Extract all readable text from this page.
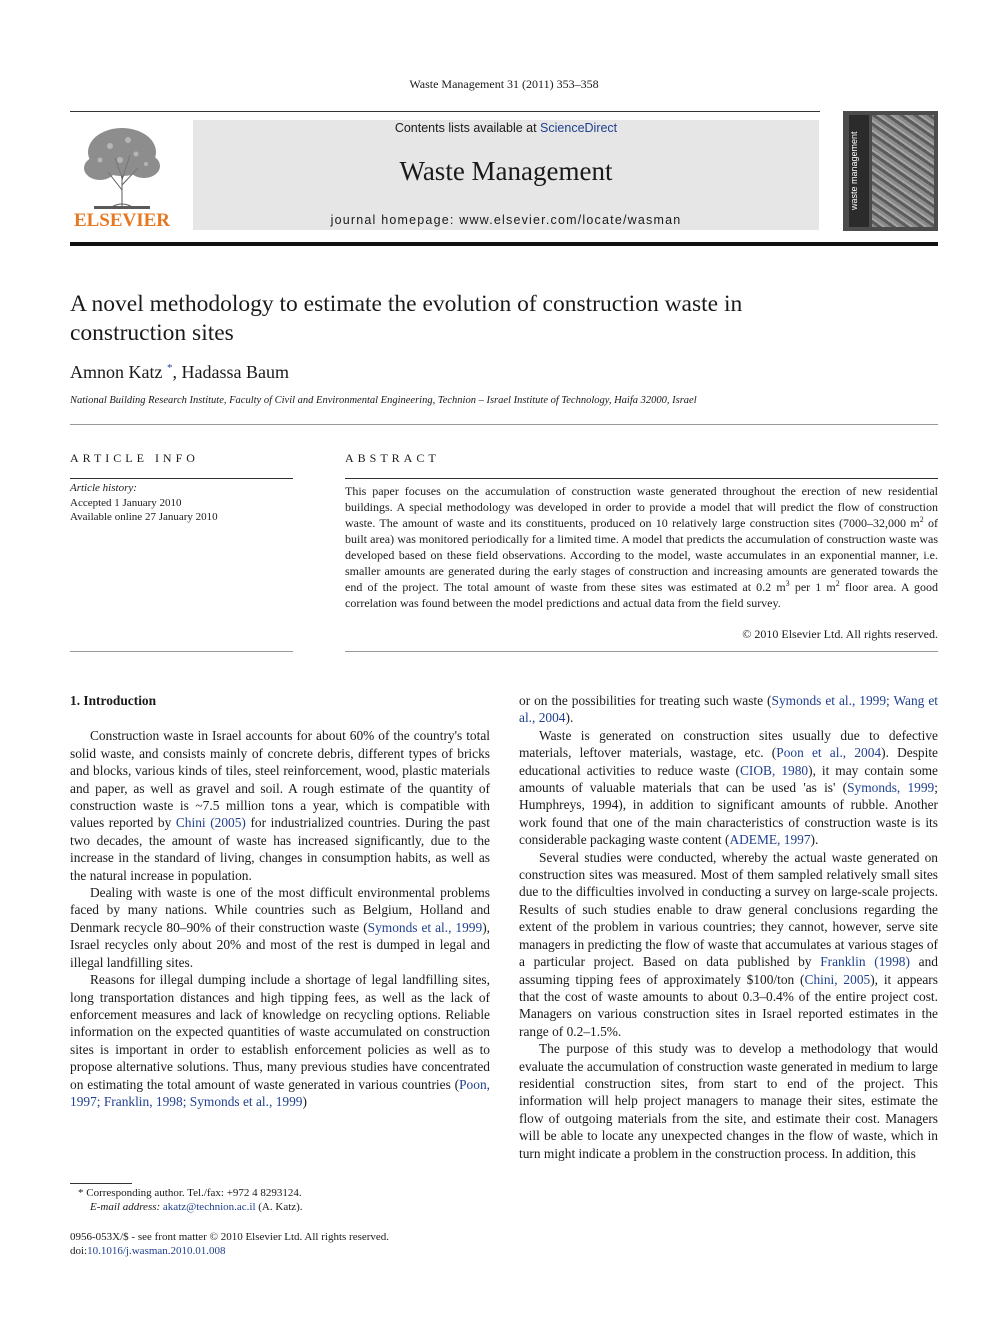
Waste Management 31 (2011) 353–358
ELSEVIER
Contents lists available at ScienceDirect
Waste Management
journal homepage: www.elsevier.com/locate/wasman
waste management
A novel methodology to estimate the evolution of construction waste in construction sites
Amnon Katz *, Hadassa Baum
National Building Research Institute, Faculty of Civil and Environmental Engineering, Technion – Israel Institute of Technology, Haifa 32000, Israel
ARTICLE INFO
Article history:
Accepted 1 January 2010
Available online 27 January 2010
ABSTRACT
This paper focuses on the accumulation of construction waste generated throughout the erection of new residential buildings. A special methodology was developed in order to provide a model that will predict the flow of construction waste. The amount of waste and its constituents, produced on 10 relatively large construction sites (7000–32,000 $m^2$ of built area) was monitored periodically for a limited time. A model that predicts the accumulation of construction waste was developed based on these field observations. According to the model, waste accumulates in an exponential manner, i.e. smaller amounts are generated during the early stages of construction and increasing amounts are generated towards the end of the project. The total amount of waste from these sites was estimated at 0.2 $m^3$ per 1 $m^2$ floor area. A good correlation was found between the model predictions and actual data from the field survey.
© 2010 Elsevier Ltd. All rights reserved.

1. Introduction

Construction waste in Israel accounts for about 60% of the country's total solid waste, and consists mainly of concrete debris, different types of bricks and blocks, various kinds of tiles, steel reinforcement, wood, plastic materials and paper, as well as gravel and soil. A rough estimate of the quantity of construction waste is ~7.5 million tons a year, which is compatible with values reported by Chini (2005) for industrialized countries. During the past two decades, the amount of waste has increased significantly, due to the increase in the standard of living, changes in consumption habits, as well as the natural increase in population.

Dealing with waste is one of the most difficult environmental problems faced by many nations. While countries such as Belgium, Holland and Denmark recycle 80–90% of their construction waste (Symonds et al., 1999), Israel recycles only about 20% and most of the rest is dumped in legal and illegal landfilling sites.

Reasons for illegal dumping include a shortage of legal landfilling sites, long transportation distances and high tipping fees, as well as the lack of enforcement measures and lack of knowledge on recycling options. Reliable information on the expected quantities of waste accumulated on construction sites is important in order to establish enforcement policies as well as to propose alternative solutions. Thus, many previous studies have concentrated on estimating the total amount of waste generated in various countries (Poon, 1997; Franklin, 1998; Symonds et al., 1999)

or on the possibilities for treating such waste (Symonds et al., 1999; Wang et al., 2004).

Waste is generated on construction sites usually due to defective materials, leftover materials, wastage, etc. (Poon et al., 2004). Despite educational activities to reduce waste (CIOB, 1980), it may contain some amounts of valuable materials that can be used 'as is' (Symonds, 1999; Humphreys, 1994), in addition to significant amounts of rubble. Another work found that one of the main characteristics of construction waste is its considerable packaging waste content (ADEME, 1997).

Several studies were conducted, whereby the actual waste generated on construction sites was measured. Most of them sampled relatively small sites due to the difficulties involved in conducting a survey on large-scale projects. Results of such studies enable to draw general conclusions regarding the extent of the problem in various countries; they cannot, however, serve site managers in predicting the flow of waste that accumulates at various stages of a particular project. Based on data published by Franklin (1998) and assuming tipping fees of approximately $100/ton (Chini, 2005), it appears that the cost of waste amounts to about 0.3–0.4% of the entire project cost. Managers on various construction sites in Israel reported estimates in the range of 0.2–1.5%.

The purpose of this study was to develop a methodology that would evaluate the accumulation of construction waste generated in medium to large residential construction sites, from start to end of the project. This information will help project managers to manage their sites, estimate the flow of outgoing materials from the site, and estimate their cost. Managers will be able to locate any unexpected changes in the flow of waste, which in turn might indicate a problem in the construction process. In addition, this

* Corresponding author. Tel./fax: +972 4 8293124.
E-mail address: akatz@technion.ac.il (A. Katz).
0956-053X/$ - see front matter © 2010 Elsevier Ltd. All rights reserved.
doi:10.1016/j.wasman.2010.01.008
